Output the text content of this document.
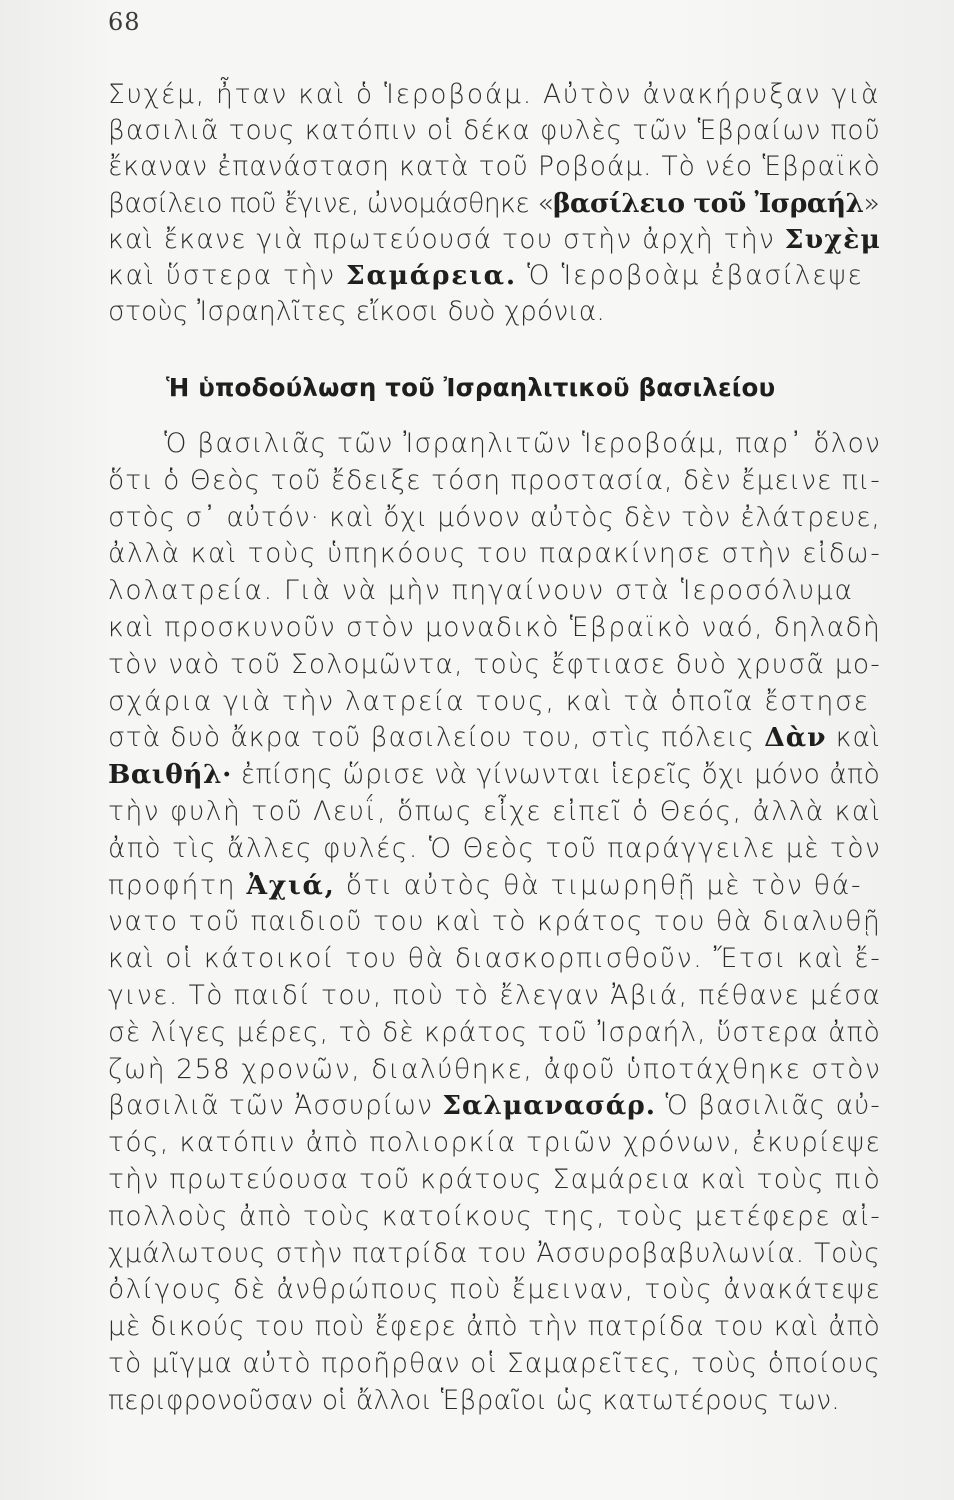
68
Συχέμ, ἦταν καὶ ὁ Ἱεροβοάμ. Αὐτὸν ἀνακήρυξαν γιὰ
βασιλιᾶ τους κατόπιν οἱ δέκα φυλὲς τῶν Ἑβραίων ποῦ
ἔκαναν ἐπανάσταση κατὰ τοῦ Ροβοάμ. Τὸ νέο Ἑβραϊκὸ
βασίλειο ποῦ ἔγινε, ὠνομάσθηκε «βασίλειο τοῦ Ἰσραήλ»
καὶ ἔκανε γιὰ πρωτεύουσά του στὴν ἀρχὴ τὴν Συχὲμ
καὶ ὕστερα τὴν Σαμάρεια. Ὁ Ἱεροβοὰμ ἐβασίλεψε
στοὺς Ἰσραηλῖτες εἴκοσι δυὸ χρόνια.
Ἡ ὑποδούλωση τοῦ Ἰσραηλιτικοῦ βασιλείου
Ὁ βασιλιᾶς τῶν Ἰσραηλιτῶν Ἱεροβοάμ, παρ᾽ ὅλον
ὅτι ὁ Θεὸς τοῦ ἔδειξε τόση προστασία, δὲν ἔμεινε πι-
στὸς σ᾽ αὐτόν· καὶ ὄχι μόνον αὐτὸς δὲν τὸν ἐλάτρευε,
ἀλλὰ καὶ τοὺς ὑπηκόους του παρακίνησε στὴν εἰδω-
λολατρεία. Γιὰ νὰ μὴν πηγαίνουν στὰ Ἱεροσόλυμα
καὶ προσκυνοῦν στὸν μοναδικὸ Ἑβραϊκὸ ναό, δηλαδὴ
τὸν ναὸ τοῦ Σολομῶντα, τοὺς ἔφτιασε δυὸ χρυσᾶ μο-
σχάρια γιὰ τὴν λατρεία τους, καὶ τὰ ὁποῖα ἔστησε
στὰ δυὸ ἄκρα τοῦ βασιλείου του, στὶς πόλεις Δὰν καὶ
Βαιθήλ· ἐπίσης ὥρισε νὰ γίνωνται ἱερεῖς ὄχι μόνο ἀπὸ
τὴν φυλὴ τοῦ Λευΐ, ὅπως εἶχε εἰπεῖ ὁ Θεός, ἀλλὰ καὶ
ἀπὸ τὶς ἄλλες φυλές. Ὁ Θεὸς τοῦ παράγγειλε μὲ τὸν
προφήτη Ἀχιά, ὅτι αὐτὸς θὰ τιμωρηθῇ μὲ τὸν θά-
νατο τοῦ παιδιοῦ του καὶ τὸ κράτος του θὰ διαλυθῇ
καὶ οἱ κάτοικοί του θὰ διασκορπισθοῦν. Ἔτσι καὶ ἔ-
γινε. Τὸ παιδί του, ποὺ τὸ ἔλεγαν Ἀβιά, πέθανε μέσα
σὲ λίγες μέρες, τὸ δὲ κράτος τοῦ Ἰσραήλ, ὕστερα ἀπὸ
ζωὴ 258 χρονῶν, διαλύθηκε, ἀφοῦ ὑποτάχθηκε στὸν
βασιλιᾶ τῶν Ἀσσυρίων Σαλμανασάρ. Ὁ βασιλιᾶς αὐ-
τός, κατόπιν ἀπὸ πολιορκία τριῶν χρόνων, ἐκυρίεψε
τὴν πρωτεύουσα τοῦ κράτους Σαμάρεια καὶ τοὺς πιὸ
πολλοὺς ἀπὸ τοὺς κατοίκους της, τοὺς μετέφερε αἰ-
χμάλωτους στὴν πατρίδα του Ἀσσυροβαβυλωνία. Τοὺς
ὀλίγους δὲ ἀνθρώπους ποὺ ἔμειναν, τοὺς ἀνακάτεψε
μὲ δικούς του ποὺ ἔφερε ἀπὸ τὴν πατρίδα του καὶ ἀπὸ
τὸ μῖγμα αὐτὸ προῆρθαν οἱ Σαμαρεῖτες, τοὺς ὁποίους
περιφρονοῦσαν οἱ ἄλλοι Ἑβραῖοι ὡς κατωτέρους των.
